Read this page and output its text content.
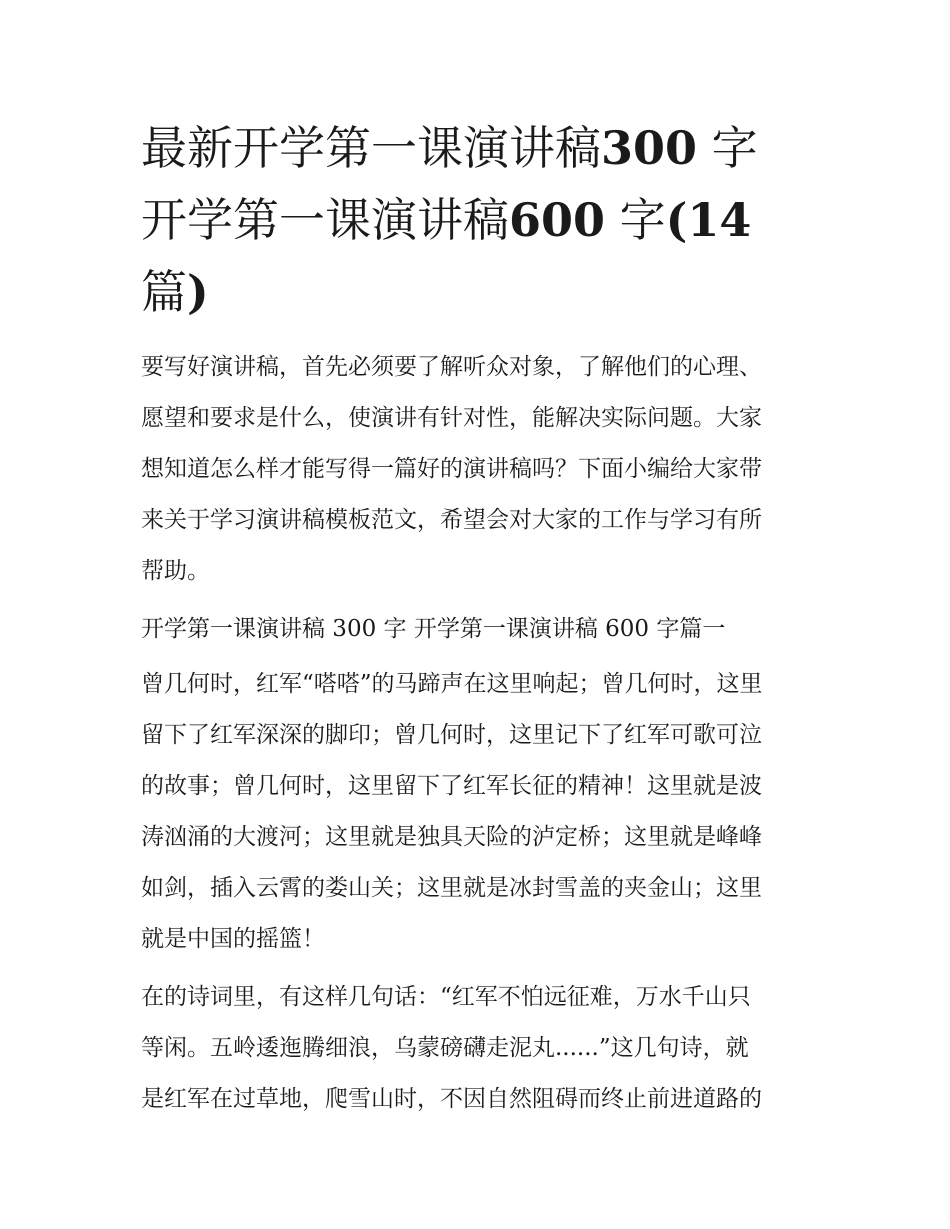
最新开学第一课演讲稿300 字
开学第一课演讲稿600 字(14
篇)

要写好演讲稿，首先必须要了解听众对象，了解他们的心理、
愿望和要求是什么，使演讲有针对性，能解决实际问题。大家
想知道怎么样才能写得一篇好的演讲稿吗？下面小编给大家带
来关于学习演讲稿模板范文，希望会对大家的工作与学习有所
帮助。

开学第一课演讲稿 300 字 开学第一课演讲稿 600 字篇一

曾几何时，红军“嗒嗒”的马蹄声在这里响起；曾几何时，这里
留下了红军深深的脚印；曾几何时，这里记下了红军可歌可泣
的故事；曾几何时，这里留下了红军长征的精神！这里就是波
涛汹涌的大渡河；这里就是独具天险的泸定桥；这里就是峰峰
如剑，插入云霄的娄山关；这里就是冰封雪盖的夹金山；这里
就是中国的摇篮！

在的诗词里，有这样几句话：“红军不怕远征难，万水千山只
等闲。五岭逶迤腾细浪，乌蒙磅礴走泥丸......”这几句诗，就
是红军在过草地，爬雪山时，不因自然阻碍而终止前进道路的
